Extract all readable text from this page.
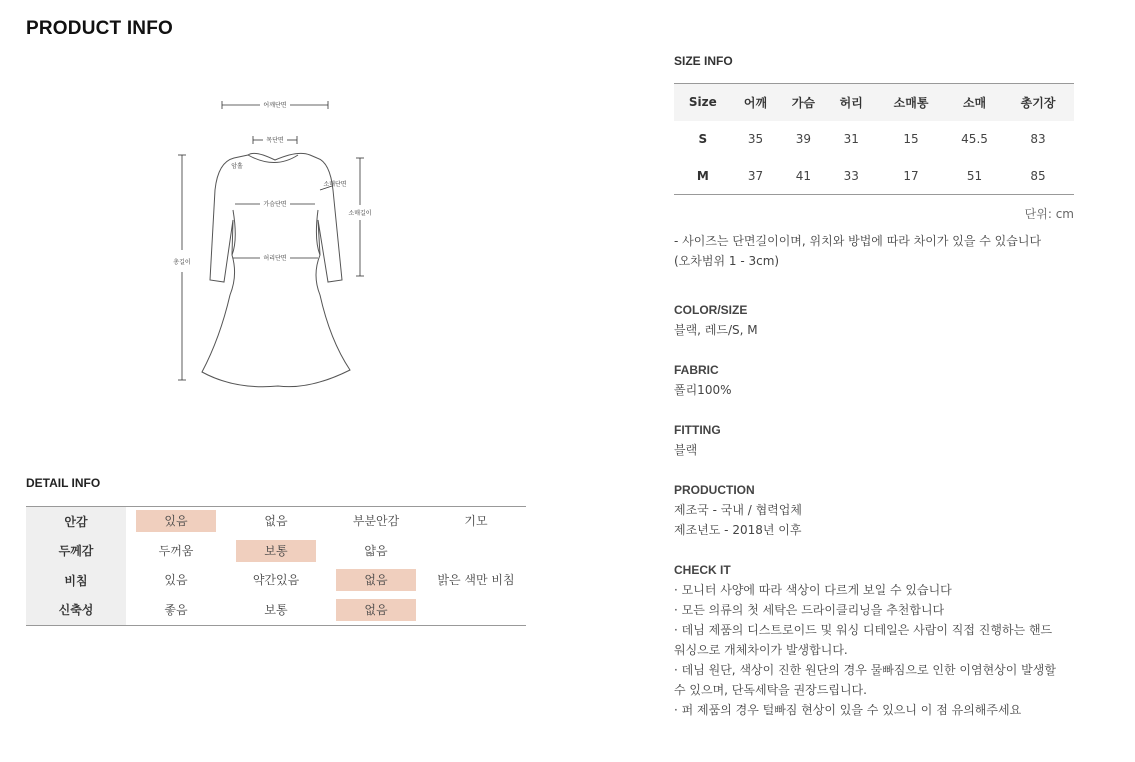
PRODUCT INFO
어깨단면
목단면
암홀
소매단면
가슴단면
소매길이
허리단면
총길이
DETAIL INFO
안감	있음	없음	부분안감	기모
두께감	두꺼움	보통	얇음	
비침	있음	약간있음	없음	밝은 색만 비침
신축성	좋음	보통	없음	
SIZE INFO
Size	어깨	가슴	허리	소매통	소매	총기장
S	35	39	31	15	45.5	83
M	37	41	33	17	51	85
단위: cm
- 사이즈는 단면길이이며, 위치와 방법에 따라 차이가 있을 수 있습니다
(오차범위 1 - 3cm)
COLOR/SIZE
블랙, 레드/S, M
FABRIC
폴리100%
FITTING
블랙
PRODUCTION
제조국 - 국내 / 협력업체
제조년도 - 2018년 이후
CHECK IT
· 모니터 사양에 따라 색상이 다르게 보일 수 있습니다
· 모든 의류의 첫 세탁은 드라이클리닝을 추천합니다
· 데님 제품의 디스트로이드 및 워싱 디테일은 사람이 직접 진행하는 핸드
워싱으로 개체차이가 발생합니다.
· 데님 원단, 색상이 진한 원단의 경우 물빠짐으로 인한 이염현상이 발생할
수 있으며, 단독세탁을 권장드립니다.
· 퍼 제품의 경우 털빠짐 현상이 있을 수 있으니 이 점 유의해주세요
